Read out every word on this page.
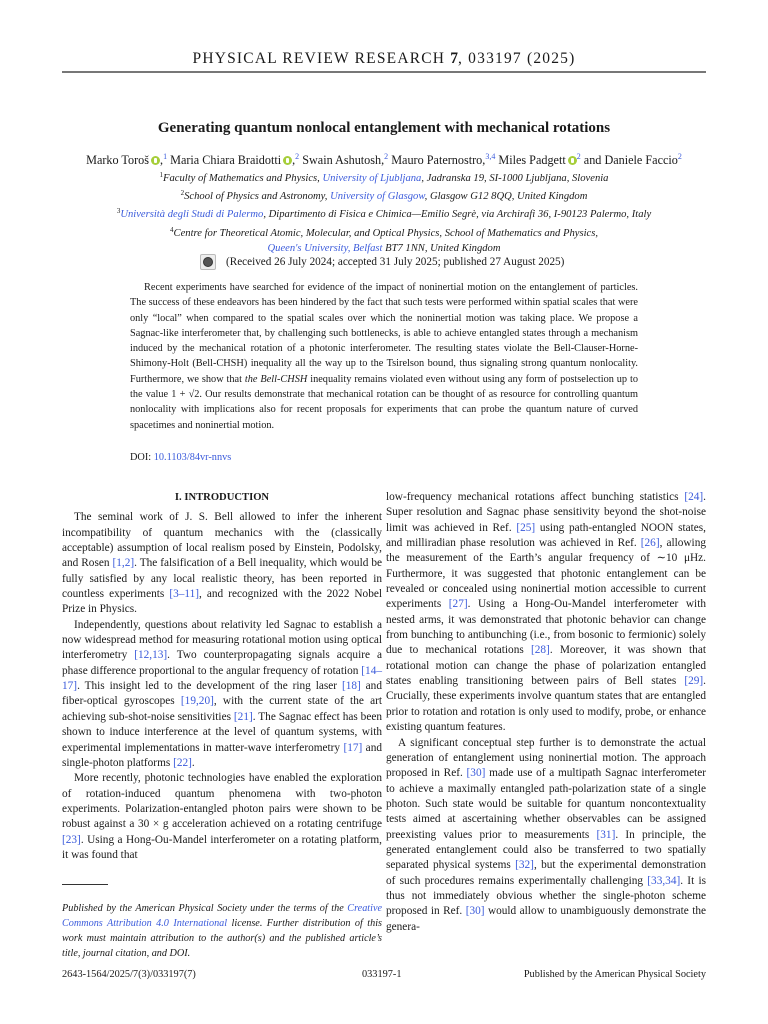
PHYSICAL REVIEW RESEARCH 7, 033197 (2025)
Generating quantum nonlocal entanglement with mechanical rotations
Marko Toroš ,$^1$ Maria Chiara Braidotti ,$^2$ Swain Ashutosh,$^2$ Mauro Paternostro,$^{3,4}$ Miles Padgett $^2$ and Daniele Faccio$^2$
$^1$Faculty of Mathematics and Physics, University of Ljubljana, Jadranska 19, SI-1000 Ljubljana, Slovenia
$^2$School of Physics and Astronomy, University of Glasgow, Glasgow G12 8QQ, United Kingdom
$^3$Università degli Studi di Palermo, Dipartimento di Fisica e Chimica—Emilio Segrè, via Archirafi 36, I-90123 Palermo, Italy
$^4$Centre for Theoretical Atomic, Molecular, and Optical Physics, School of Mathematics and Physics,
Queen's University, Belfast BT7 1NN, United Kingdom
(Received 26 July 2024; accepted 31 July 2025; published 27 August 2025)
Recent experiments have searched for evidence of the impact of noninertial motion on the entanglement of particles. The success of these endeavors has been hindered by the fact that such tests were performed within spatial scales that were only “local” when compared to the spatial scales over which the noninertial motion was taking place. We propose a Sagnac-like interferometer that, by challenging such bottlenecks, is able to achieve entangled states through a mechanism induced by the mechanical rotation of a photonic interferometer. The resulting states violate the Bell-Clauser-Horne-Shimony-Holt (Bell-CHSH) inequality all the way up to the Tsirelson bound, thus signaling strong quantum nonlocality. Furthermore, we show that the Bell-CHSH inequality remains violated even without using any form of postselection up to the value 1 + √2. Our results demonstrate that mechanical rotation can be thought of as resource for controlling quantum nonlocality with implications also for recent proposals for experiments that can probe the quantum nature of curved spacetimes and noninertial motion.
DOI: 10.1103/84vr-nnvs
I. INTRODUCTION

The seminal work of J. S. Bell allowed to infer the inherent incompatibility of quantum mechanics with the (classically acceptable) assumption of local realism posed by Einstein, Podolsky, and Rosen [1,2]. The falsification of a Bell inequality, which would be fully satisfied by any local realistic theory, has been reported in countless experiments [3–11], and recognized with the 2022 Nobel Prize in Physics.

Independently, questions about relativity led Sagnac to establish a now widespread method for measuring rotational motion using optical interferometry [12,13]. Two counterpropagating signals acquire a phase difference proportional to the angular frequency of rotation [14–17]. This insight led to the development of the ring laser [18] and fiber-optical gyroscopes [19,20], with the current state of the art achieving sub-shot-noise sensitivities [21]. The Sagnac effect has been shown to induce interference at the level of quantum systems, with experimental implementations in matter-wave interferometry [17] and single-photon platforms [22].

More recently, photonic technologies have enabled the exploration of rotation-induced quantum phenomena with two-photon experiments. Polarization-entangled photon pairs were shown to be robust against a 30 × g acceleration achieved on a rotating centrifuge [23]. Using a Hong-Ou-Mandel interferometer on a rotating platform, it was found that

low-frequency mechanical rotations affect bunching statistics [24]. Super resolution and Sagnac phase sensitivity beyond the shot-noise limit was achieved in Ref. [25] using path-entangled NOON states, and milliradian phase resolution was achieved in Ref. [26], allowing the measurement of the Earth’s angular frequency of ∼10 μHz. Furthermore, it was suggested that photonic entanglement can be revealed or concealed using noninertial motion accessible to current experiments [27]. Using a Hong-Ou-Mandel interferometer with nested arms, it was demonstrated that photonic behavior can change from bunching to antibunching (i.e., from bosonic to fermionic) solely due to mechanical rotations [28]. Moreover, it was shown that rotational motion can change the phase of polarization entangled states enabling transitioning between pairs of Bell states [29]. Crucially, these experiments involve quantum states that are entangled prior to rotation and rotation is only used to modify, probe, or enhance existing quantum features.

A significant conceptual step further is to demonstrate the actual generation of entanglement using noninertial motion. The approach proposed in Ref. [30] made use of a multipath Sagnac interferometer to achieve a maximally entangled path-polarization state of a single photon. Such state would be suitable for quantum noncontextuality tests aimed at ascertaining whether observables can be assigned preexisting values prior to measurements [31]. In principle, the generated entanglement could also be transferred to two spatially separated physical systems [32], but the experimental demonstration of such procedures remains experimentally challenging [33,34]. It is thus not immediately obvious whether the single-photon scheme proposed in Ref. [30] would allow to unambiguously demonstrate the genera-

Published by the American Physical Society under the terms of the Creative Commons Attribution 4.0 International license. Further distribution of this work must maintain attribution to the author(s) and the published article’s title, journal citation, and DOI.
2643-1564/2025/7(3)/033197(7)	033197-1	Published by the American Physical Society
